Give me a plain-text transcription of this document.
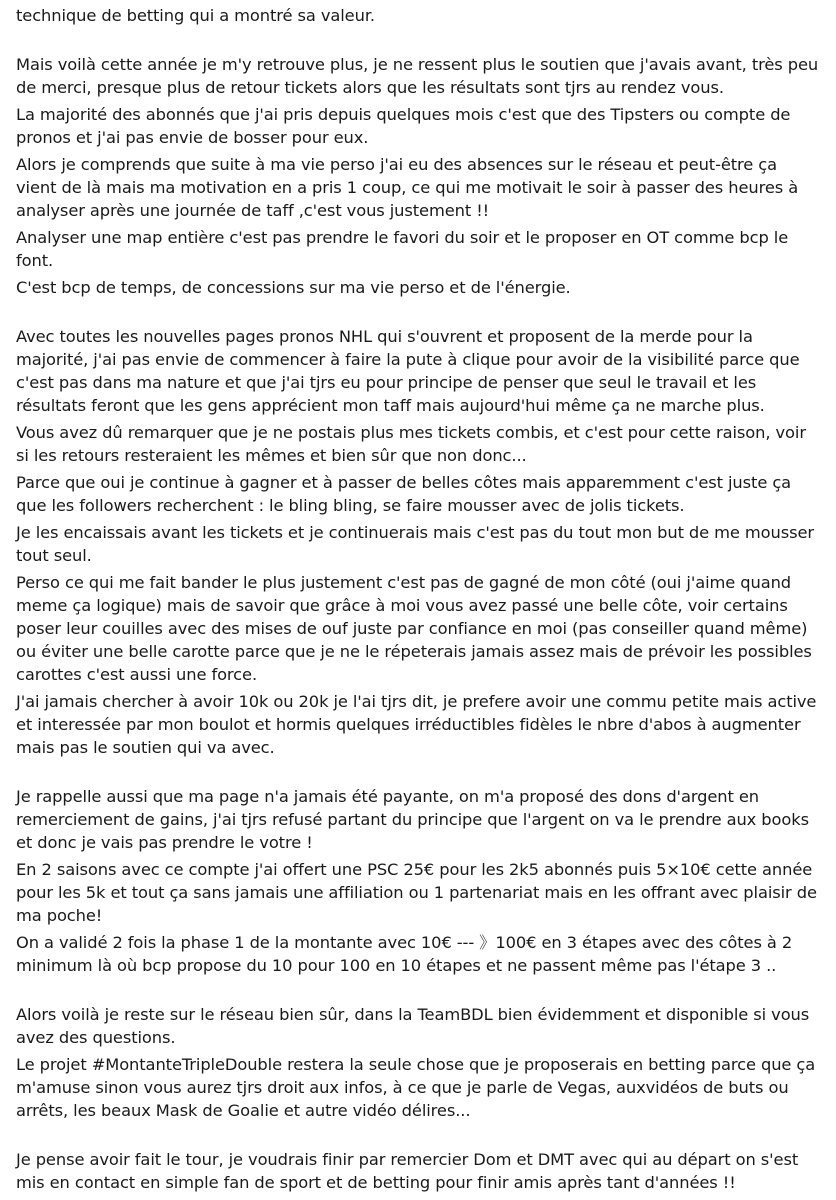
technique de betting qui a montré sa valeur.

Mais voilà cette année je m'y retrouve plus, je ne ressent plus le soutien que j'avais avant, très peu de merci, presque plus de retour tickets alors que les résultats sont tjrs au rendez vous.

La majorité des abonnés que j'ai pris depuis quelques mois c'est que des Tipsters ou compte de pronos et j'ai pas envie de bosser pour eux.

Alors je comprends que suite à ma vie perso j'ai eu des absences sur le réseau et peut-être ça vient de là mais ma motivation en a pris 1 coup, ce qui me motivait le soir à passer des heures à analyser après une journée de taff ,c'est vous justement !!

Analyser une map entière c'est pas prendre le favori du soir et le proposer en OT comme bcp le font.

C'est bcp de temps, de concessions sur ma vie perso et de l'énergie.

Avec toutes les nouvelles pages pronos NHL qui s'ouvrent et proposent de la merde pour la majorité, j'ai pas envie de commencer à faire la pute à clique pour avoir de la visibilité parce que c'est pas dans ma nature et que j'ai tjrs eu pour principe de penser que seul le travail et les résultats feront que les gens apprécient mon taff mais aujourd'hui même ça ne marche plus.

Vous avez dû remarquer que je ne postais plus mes tickets combis, et c'est pour cette raison, voir si les retours resteraient les mêmes et bien sûr que non donc...

Parce que oui je continue à gagner et à passer de belles côtes mais apparemment c'est juste ça que les followers recherchent : le bling bling, se faire mousser avec de jolis tickets.

Je les encaissais avant les tickets et je continuerais mais c'est pas du tout mon but de me mousser tout seul.

Perso ce qui me fait bander le plus justement c'est pas de gagné de mon côté (oui j'aime quand meme ça logique) mais de savoir que grâce à moi vous avez passé une belle côte, voir certains poser leur couilles avec des mises de ouf juste par confiance en moi (pas conseiller quand même) ou éviter une belle carotte parce que je ne le répeterais jamais assez mais de prévoir les possibles carottes c'est aussi une force.

J'ai jamais chercher à avoir 10k ou 20k je l'ai tjrs dit, je prefere avoir une commu petite mais active et interessée par mon boulot et hormis quelques irréductibles fidèles le nbre d'abos à augmenter mais pas le soutien qui va avec.

Je rappelle aussi que ma page n'a jamais été payante, on m'a proposé des dons d'argent en remerciement de gains, j'ai tjrs refusé partant du principe que l'argent on va le prendre aux books et donc je vais pas prendre le votre !

En 2 saisons avec ce compte j'ai offert une PSC 25€ pour les 2k5 abonnés puis 5×10€ cette année pour les 5k et tout ça sans jamais une affiliation ou 1 partenariat mais en les offrant avec plaisir de ma poche!

On a validé 2 fois la phase 1 de la montante avec 10€ --- 》100€ en 3 étapes avec des côtes à 2 minimum là où bcp propose du 10 pour 100 en 10 étapes et ne passent même pas l'étape 3 ..

Alors voilà je reste sur le réseau bien sûr, dans la TeamBDL bien évidemment et disponible si vous avez des questions.

Le projet #MontanteTripleDouble restera la seule chose que je proposerais en betting parce que ça m'amuse sinon vous aurez tjrs droit aux infos, à ce que je parle de Vegas, auxvidéos de buts ou arrêts, les beaux Mask de Goalie et autre vidéo délires...

Je pense avoir fait le tour, je voudrais finir par remercier Dom et DMT avec qui au départ on s'est mis en contact en simple fan de sport et de betting pour finir amis après tant d'années !!
